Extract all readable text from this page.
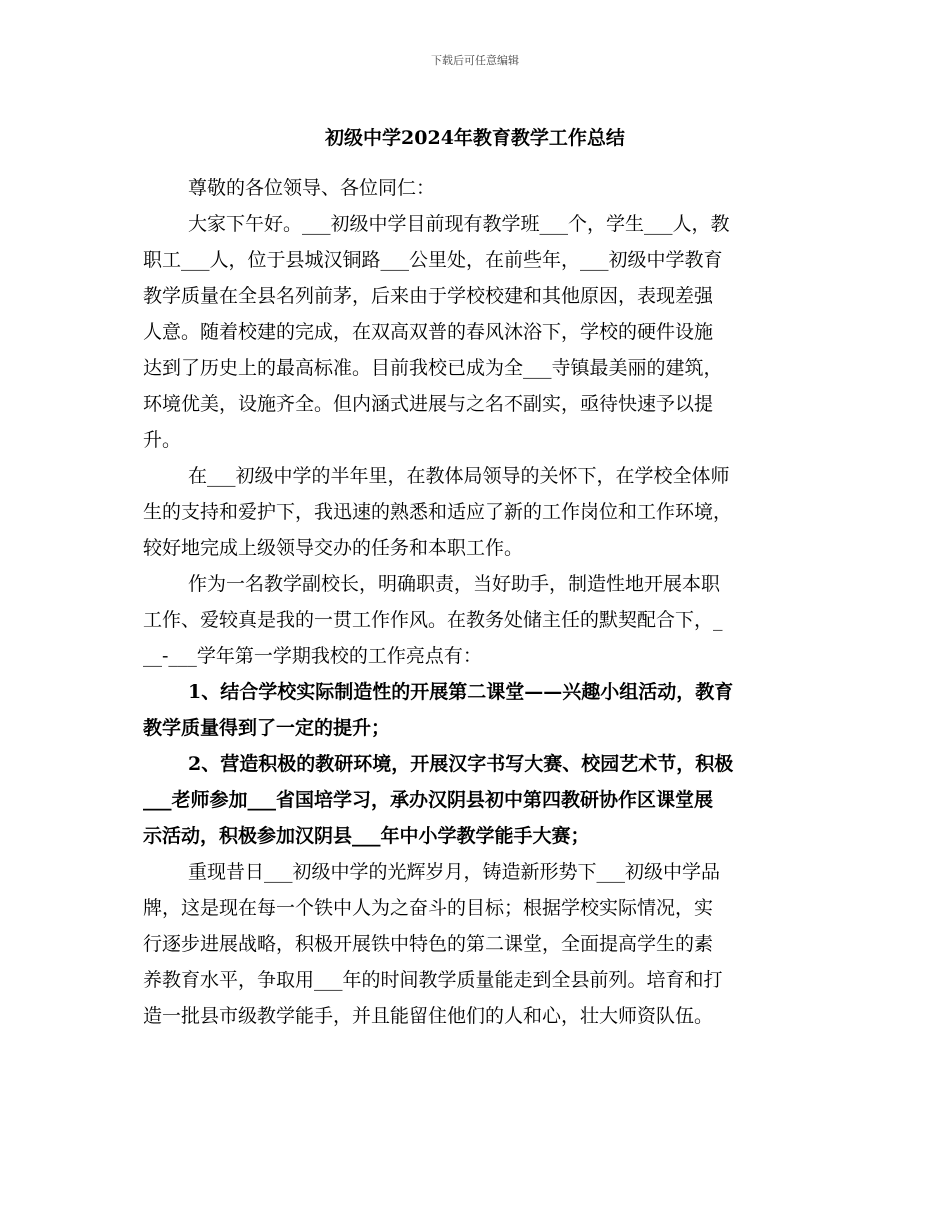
下载后可任意编辑
初级中学2024年教育教学工作总结
尊敬的各位领导、各位同仁：
大家下午好。___初级中学目前现有教学班___个，学生___人，教
职工___人，位于县城汉铜路___公里处，在前些年，___初级中学教育
教学质量在全县名列前茅，后来由于学校校建和其他原因，表现差强
人意。随着校建的完成，在双高双普的春风沐浴下，学校的硬件设施
达到了历史上的最高标准。目前我校已成为全___寺镇最美丽的建筑，
环境优美，设施齐全。但内涵式进展与之名不副实，亟待快速予以提
升。
在___初级中学的半年里，在教体局领导的关怀下，在学校全体师
生的支持和爱护下，我迅速的熟悉和适应了新的工作岗位和工作环境，
较好地完成上级领导交办的任务和本职工作。
作为一名教学副校长，明确职责，当好助手，制造性地开展本职
工作、爱较真是我的一贯工作作风。在教务处储主任的默契配合下，_
__-___学年第一学期我校的工作亮点有：
1、结合学校实际制造性的开展第二课堂——兴趣小组活动，教育
教学质量得到了一定的提升；
2、营造积极的教研环境，开展汉字书写大赛、校园艺术节，积极
___老师参加___省国培学习，承办汉阴县初中第四教研协作区课堂展
示活动，积极参加汉阴县___年中小学教学能手大赛；
重现昔日___初级中学的光辉岁月，铸造新形势下___初级中学品
牌，这是现在每一个铁中人为之奋斗的目标；根据学校实际情况，实
行逐步进展战略，积极开展铁中特色的第二课堂，全面提高学生的素
养教育水平，争取用___年的时间教学质量能走到全县前列。培育和打
造一批县市级教学能手，并且能留住他们的人和心，壮大师资队伍。
